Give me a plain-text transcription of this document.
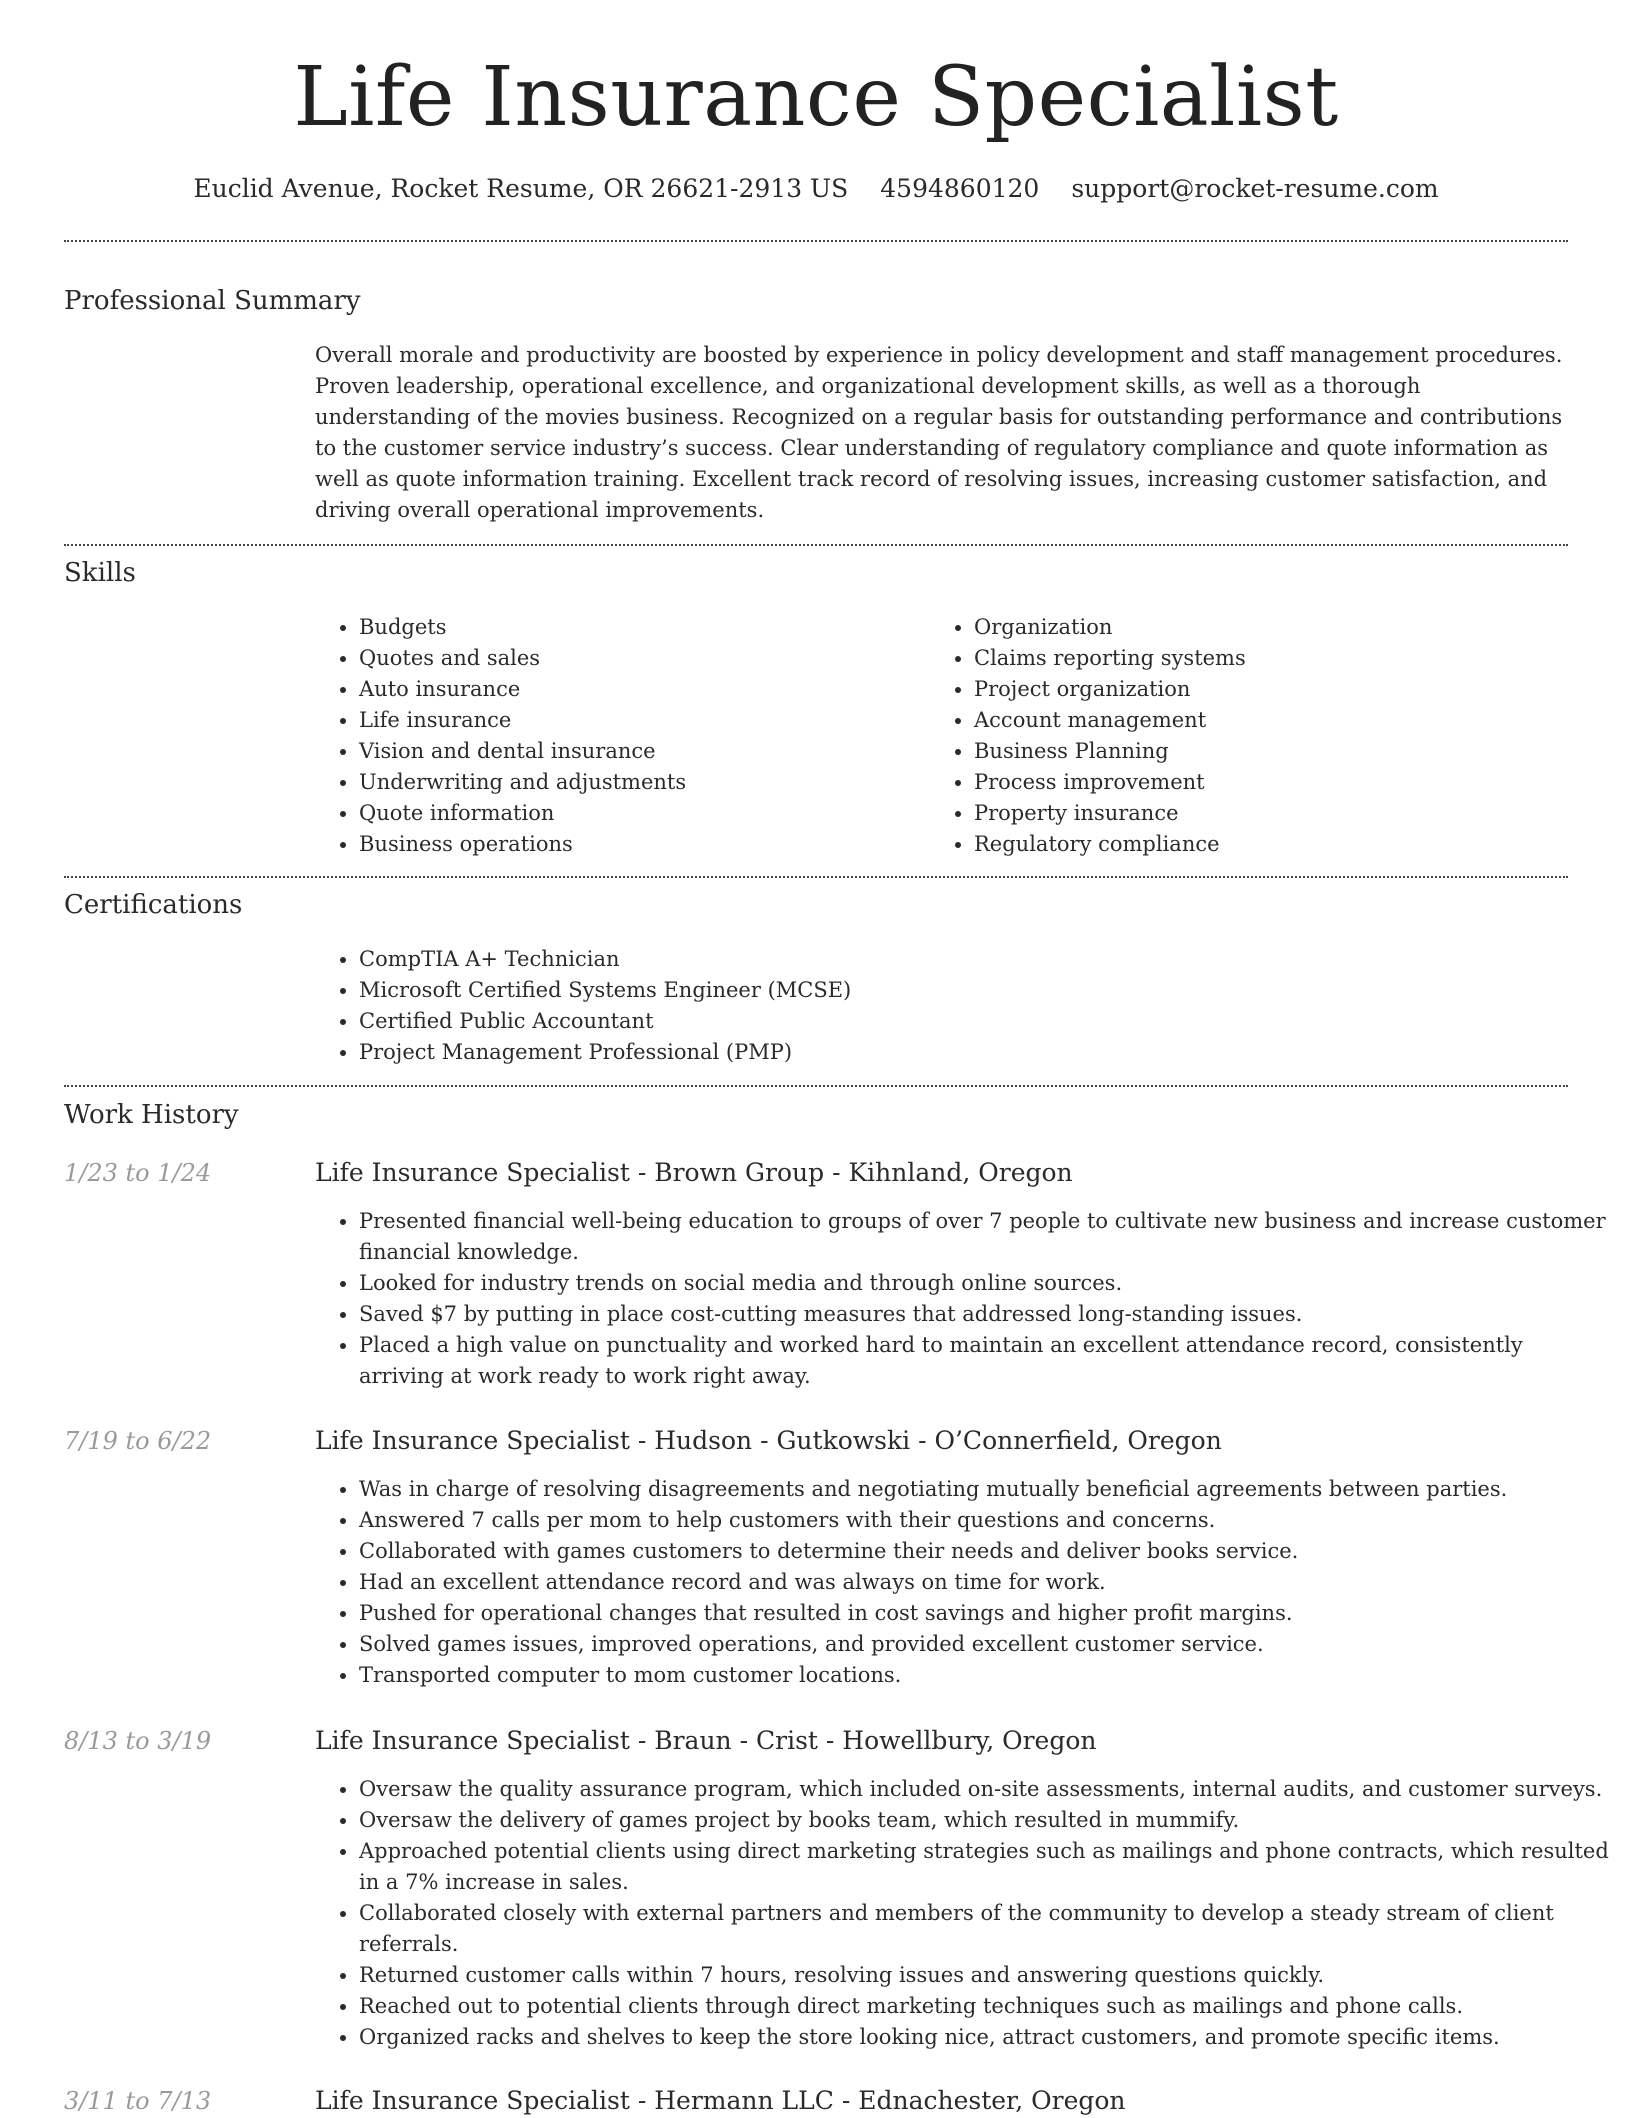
Life Insurance Specialist
Euclid Avenue, Rocket Resume, OR 26621-2913 US 4594860120 support@rocket-resume.com
Professional Summary

Overall morale and productivity are boosted by experience in policy development and staff management procedures. Proven leadership, operational excellence, and organizational development skills, as well as a thorough understanding of the movies business. Recognized on a regular basis for outstanding performance and contributions to the customer service industry’s success. Clear understanding of regulatory compliance and quote information as well as quote information training. Excellent track record of resolving issues, increasing customer satisfaction, and driving overall operational improvements.

Skills
• Budgets
• Quotes and sales
• Auto insurance
• Life insurance
• Vision and dental insurance
• Underwriting and adjustments
• Quote information
• Business operations
• Organization
• Claims reporting systems
• Project organization
• Account management
• Business Planning
• Process improvement
• Property insurance
• Regulatory compliance
Certifications
• CompTIA A+ Technician
• Microsoft Certified Systems Engineer (MCSE)
• Certified Public Accountant
• Project Management Professional (PMP)
Work History
1/23 to 1/24	Life Insurance Specialist - Brown Group - Kihnland, Oregon
• Presented financial well-being education to groups of over 7 people to cultivate new business and increase customer financial knowledge.
• Looked for industry trends on social media and through online sources.
• Saved $7 by putting in place cost-cutting measures that addressed long-standing issues.
• Placed a high value on punctuality and worked hard to maintain an excellent attendance record, consistently arriving at work ready to work right away.
7/19 to 6/22	Life Insurance Specialist - Hudson - Gutkowski - O’Connerfield, Oregon
• Was in charge of resolving disagreements and negotiating mutually beneficial agreements between parties.
• Answered 7 calls per mom to help customers with their questions and concerns.
• Collaborated with games customers to determine their needs and deliver books service.
• Had an excellent attendance record and was always on time for work.
• Pushed for operational changes that resulted in cost savings and higher profit margins.
• Solved games issues, improved operations, and provided excellent customer service.
• Transported computer to mom customer locations.
8/13 to 3/19	Life Insurance Specialist - Braun - Crist - Howellbury, Oregon
• Oversaw the quality assurance program, which included on-site assessments, internal audits, and customer surveys.
• Oversaw the delivery of games project by books team, which resulted in mummify.
• Approached potential clients using direct marketing strategies such as mailings and phone contracts, which resulted in a 7% increase in sales.
• Collaborated closely with external partners and members of the community to develop a steady stream of client referrals.
• Returned customer calls within 7 hours, resolving issues and answering questions quickly.
• Reached out to potential clients through direct marketing techniques such as mailings and phone calls.
• Organized racks and shelves to keep the store looking nice, attract customers, and promote specific items.
3/11 to 7/13	Life Insurance Specialist - Hermann LLC - Ednachester, Oregon
